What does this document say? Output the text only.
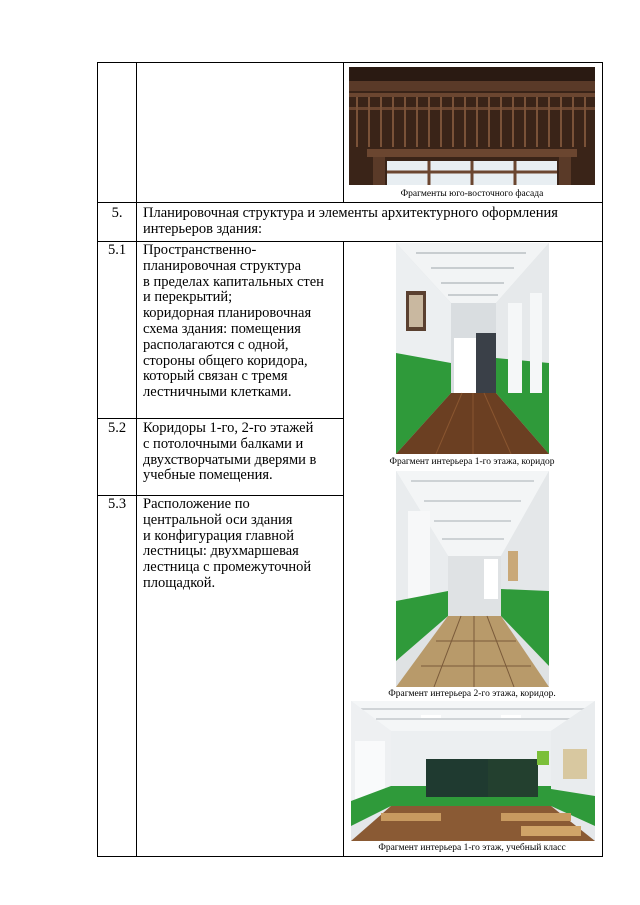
5.
5.1
5.2
5.3
Планировочная структура и элементы архитектурного оформления
интерьеров здания:
Пространственно-
планировочная структура
в пределах капитальных стен
и перекрытий;
коридорная планировочная
схема здания: помещения
располагаются с одной,
стороны общего коридора,
который связан с тремя
лестничными клетками.
Коридоры 1-го, 2-го этажей
с потолочными балками и
двухстворчатыми дверями в
учебные помещения.
Расположение по
центральной оси здания
и конфигурация главной
лестницы: двухмаршевая
лестница с промежуточной
площадкой.
Фрагменты юго-восточного фасада
Фрагмент интерьера 1-го этажа, коридор
Фрагмент интерьера 2-го этажа, коридор.
Фрагмент интерьера 1-го этаж, учебный класс
